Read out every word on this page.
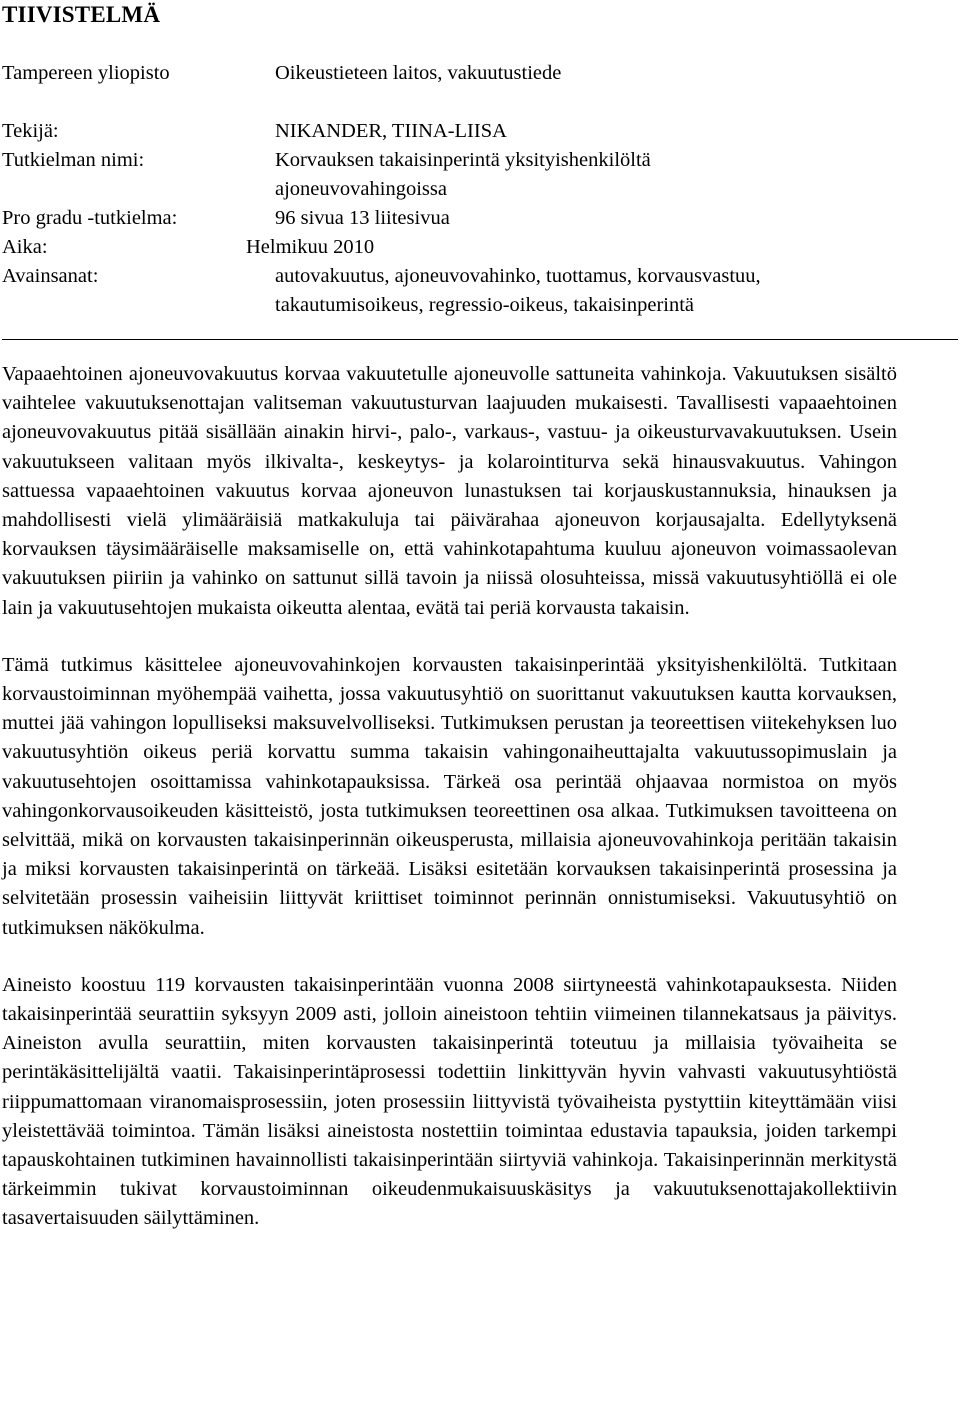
TIIVISTELMÄ
Tampereen yliopisto	Oikeustieteen laitos, vakuutustiede
Tekijä:	NIKANDER, TIINA-LIISA
Tutkielman nimi:	Korvauksen takaisinperintä yksityishenkilöltä
ajoneuvovahingoissa
Pro gradu -tutkielma:	96 sivua 13 liitesivua
Aika:	Helmikuu 2010
Avainsanat:	autovakuutus, ajoneuvovahinko, tuottamus, korvausvastuu,
takautumisoikeus, regressio-oikeus, takaisinperintä

Vapaaehtoinen ajoneuvovakuutus korvaa vakuutetulle ajoneuvolle sattuneita vahinkoja. Vakuutuksen sisältö vaihtelee vakuutuksenottajan valitseman vakuutusturvan laajuuden mukaisesti. Tavallisesti vapaaehtoinen ajoneuvovakuutus pitää sisällään ainakin hirvi-, palo-, varkaus-, vastuu- ja oikeusturvavakuutuksen. Usein vakuutukseen valitaan myös ilkivalta-, keskeytys- ja kolarointiturva sekä hinausvakuutus. Vahingon sattuessa vapaaehtoinen vakuutus korvaa ajoneuvon lunastuksen tai korjauskustannuksia, hinauksen ja mahdollisesti vielä ylimääräisiä matkakuluja tai päivärahaa ajoneuvon korjausajalta. Edellytyksenä korvauksen täysimääräiselle maksamiselle on, että vahinkotapahtuma kuuluu ajoneuvon voimassaolevan vakuutuksen piiriin ja vahinko on sattunut sillä tavoin ja niissä olosuhteissa, missä vakuutusyhtiöllä ei ole lain ja vakuutusehtojen mukaista oikeutta alentaa, evätä tai periä korvausta takaisin.

Tämä tutkimus käsittelee ajoneuvovahinkojen korvausten takaisinperintää yksityishenkilöltä. Tutkitaan korvaustoiminnan myöhempää vaihetta, jossa vakuutusyhtiö on suorittanut vakuutuksen kautta korvauksen, muttei jää vahingon lopulliseksi maksuvelvolliseksi. Tutkimuksen perustan ja teoreettisen viitekehyksen luo vakuutusyhtiön oikeus periä korvattu summa takaisin vahingonaiheuttajalta vakuutussopimuslain ja vakuutusehtojen osoittamissa vahinkotapauksissa. Tärkeä osa perintää ohjaavaa normistoa on myös vahingonkorvausoikeuden käsitteistö, josta tutkimuksen teoreettinen osa alkaa. Tutkimuksen tavoitteena on selvittää, mikä on korvausten takaisinperinnän oikeusperusta, millaisia ajoneuvovahinkoja peritään takaisin ja miksi korvausten takaisinperintä on tärkeää. Lisäksi esitetään korvauksen takaisinperintä prosessina ja selvitetään prosessin vaiheisiin liittyvät kriittiset toiminnot perinnän onnistumiseksi. Vakuutusyhtiö on tutkimuksen näkökulma.

Aineisto koostuu 119 korvausten takaisinperintään vuonna 2008 siirtyneestä vahinkotapauksesta. Niiden takaisinperintää seurattiin syksyyn 2009 asti, jolloin aineistoon tehtiin viimeinen tilannekatsaus ja päivitys. Aineiston avulla seurattiin, miten korvausten takaisinperintä toteutuu ja millaisia työvaiheita se perintäkäsittelijältä vaatii. Takaisinperintäprosessi todettiin linkittyvän hyvin vahvasti vakuutusyhtiöstä riippumattomaan viranomaisprosessiin, joten prosessiin liittyvistä työvaiheista pystyttiin kiteyttämään viisi yleistettävää toimintoa. Tämän lisäksi aineistosta nostettiin toimintaa edustavia tapauksia, joiden tarkempi tapauskohtainen tutkiminen havainnollisti takaisinperintään siirtyviä vahinkoja. Takaisinperinnän merkitystä tärkeimmin tukivat korvaustoiminnan oikeudenmukaisuuskäsitys ja vakuutuksenottajakollektiivin tasavertaisuuden säilyttäminen.
